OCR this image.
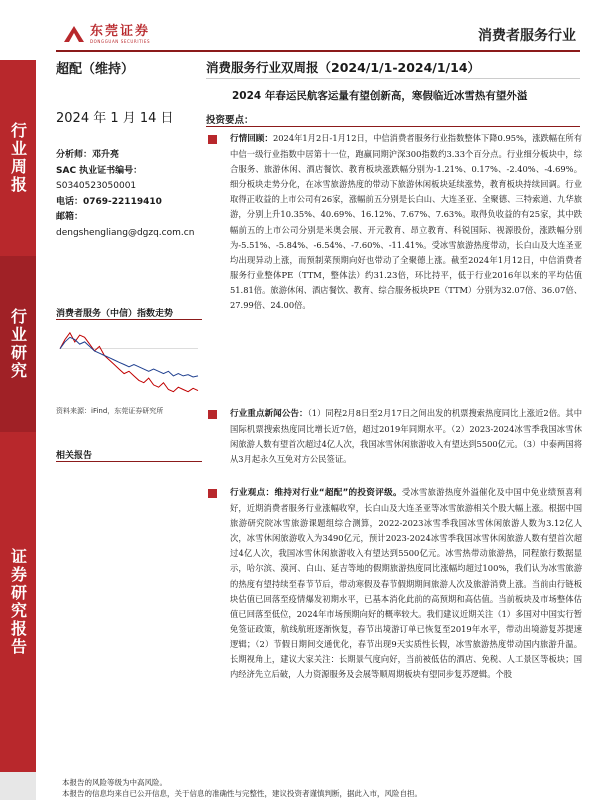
东莞证券
DONGGUAN SECURITIES	消费者服务行业
行业周报
行业研究
证券研究报告
超配（维持）
2024 年 1 月 14 日
分析师：邓升亮
SAC 执业证书编号：
S0340523050001
电话：0769-22119410
邮箱：
dengshengliang@dgzq.com.cn
消费者服务（中信）指数走势
资料来源：iFind，东莞证券研究所
相关报告
消费服务行业双周报（2024/1/1-2024/1/14）
2024 年春运民航客运量有望创新高，寒假临近冰雪热有望外溢
投资要点：
行情回顾：2024年1月2日-1月12日，中信消费者服务行业指数整体下降0.95%，涨跌幅在所有中信一级行业指数中居第十一位，跑赢同期沪深300指数约3.33个百分点。行业细分板块中，综合服务、旅游休闲、酒店餐饮、教育板块涨跌幅分别为-1.21%、0.17%、-2.40%、-4.69%。细分板块走势分化，在冰雪旅游热度的带动下旅游休闲板块延续涨势，教育板块持续回调。行业取得正收益的上市公司有26家，涨幅前五分别是长白山、大连圣亚、全聚德、三特索道、九华旅游，分别上升10.35%、40.69%、16.12%、7.67%、7.63%。取得负收益的有25家，其中跌幅前五的上市公司分别是米奥会展、开元教育、昂立教育、科锐国际、视源股份，涨跌幅分别为-5.51%、-5.84%、-6.54%、-7.60%、-11.41%。受冰雪旅游热度带动，长白山及大连圣亚均出现异动上涨，而预制菜预期向好也带动了全聚德上涨。截至2024年1月12日，中信消费者服务行业整体PE（TTM，整体法）约31.23倍，环比持平，低于行业2016年以来的平均估值51.81倍。旅游休闲、酒店餐饮、教育、综合服务板块PE（TTM）分别为32.07倍、36.07倍、27.99倍、24.00倍。
行业重点新闻公告：（1）同程2月8日至2月17日之间出发的机票搜索热度同比上涨近2倍。其中国际机票搜索热度同比增长近7倍，超过2019年同期水平。（2）2023-2024冰雪季我国冰雪休闲旅游人数有望首次超过4亿人次，我国冰雪休闲旅游收入有望达到5500亿元。（3）中泰两国将从3月起永久互免对方公民签证。
行业观点：维持对行业“超配”的投资评级。受冰雪旅游热度外溢催化及中国中免业绩预喜利好，近期消费者服务行业涨幅收窄，长白山及大连圣亚等冰雪旅游相关个股大幅上涨。根据中国旅游研究院冰雪旅游课题组综合测算，2022-2023冰雪季我国冰雪休闲旅游人数为3.12亿人次，冰雪休闲旅游收入为3490亿元，预计2023-2024冰雪季我国冰雪休闲旅游人数有望首次超过4亿人次，我国冰雪休闲旅游收入有望达到5500亿元。冰雪热带动旅游热，同程旅行数据显示，哈尔滨、漠河、白山、延吉等地的假期旅游热度同比涨幅均超过100%，我们认为冰雪旅游的热度有望持续至春节节后，带动寒假及春节假期期间旅游人次及旅游消费上涨。当前由行链板块估值已回落至疫情爆发初期水平，已基本消化此前的高预期和高估值。当前板块及市场整体估值已回落至低位，2024年市场预期向好的概率较大。我们建议近期关注（1）多国对中国实行暂免签证政策，航线航班逐渐恢复，春节出境游订单已恢复至2019年水平，带动出境游复苏提速逻辑；（2）节假日期间交通优化，春节出现9天实质性长假，冰雪旅游热度带动国内旅游升温。长期视角上，建议大家关注：长期景气度向好，当前被低估的酒店、免税、人工景区等板块；国内经济先立后破，人力资源服务及会展等顺周期板块有望同步复苏逻辑。个股
本报告的风险等级为中高风险。
本报告的信息均来自已公开信息，关于信息的准确性与完整性，建议投资者谨慎判断，据此入市，风险自担。
